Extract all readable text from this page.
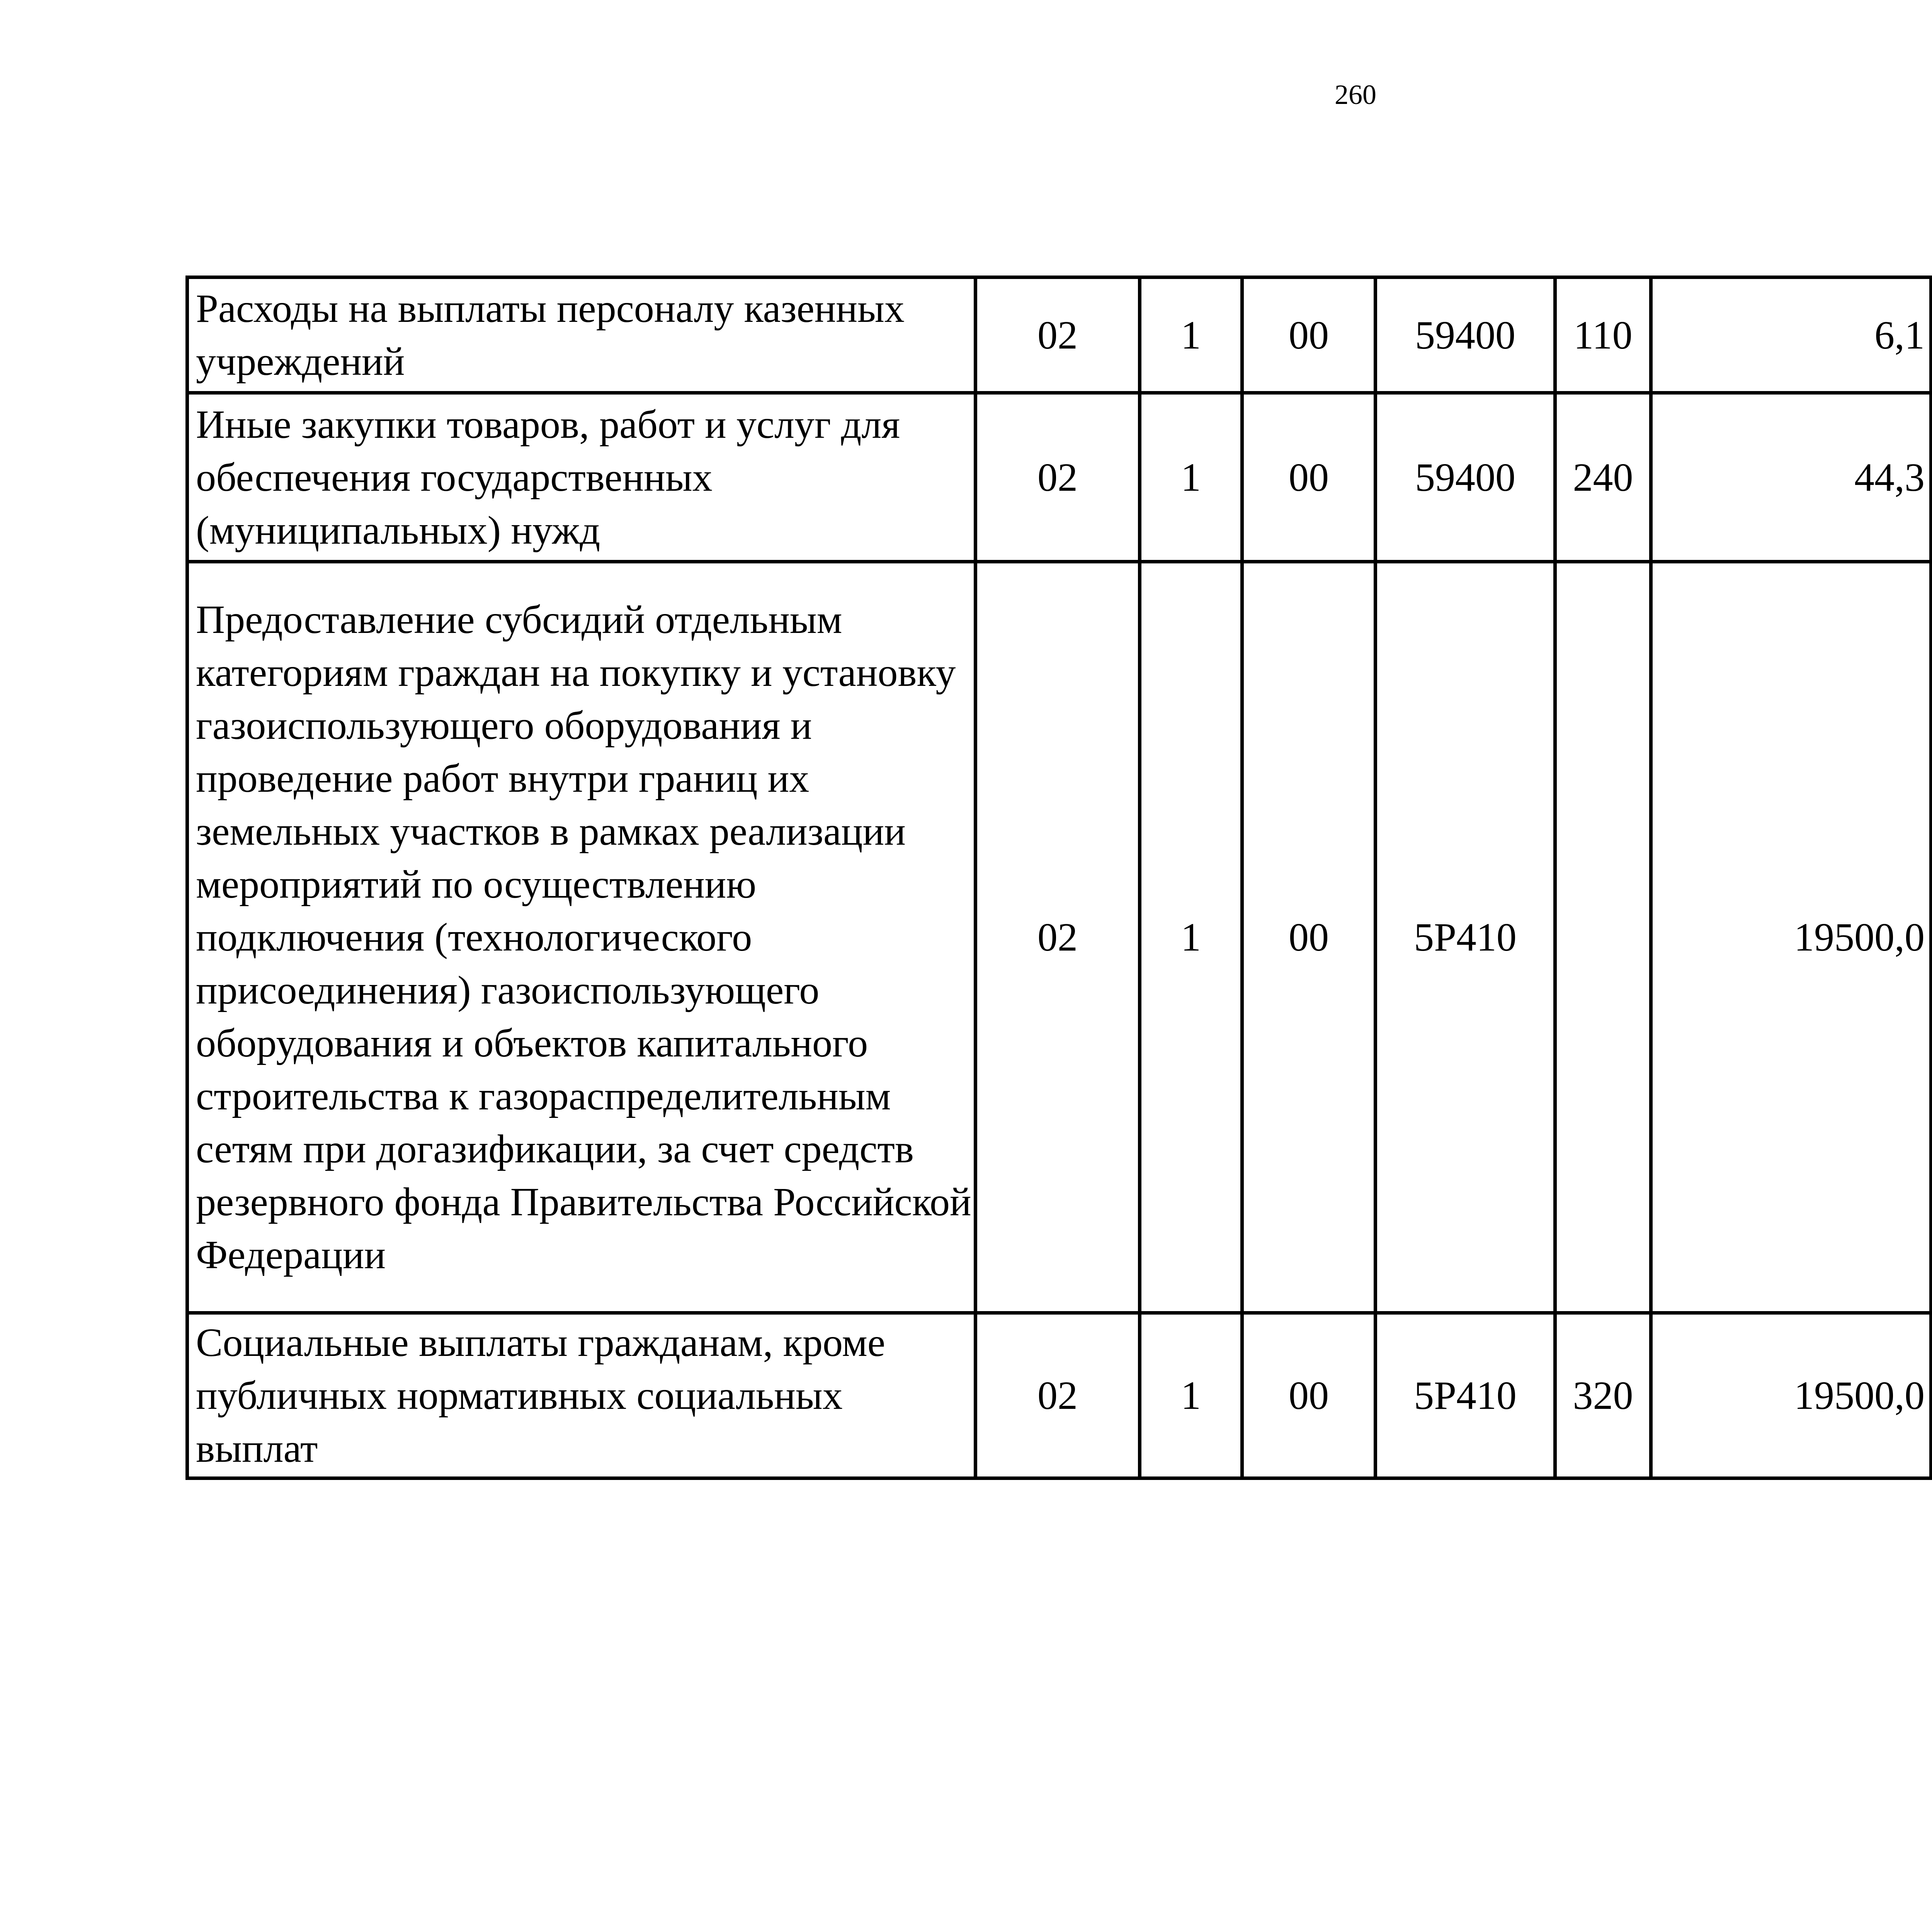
260
Расходы на выплаты персоналу казенных учреждений	02	1	00	59400	110	6,1		
Иные закупки товаров, работ и услуг для обеспечения государственных (муниципальных) нужд	02	1	00	59400	240	44,3		
Предоставление субсидий отдельным категориям граждан на покупку и установку газоиспользующего оборудования и проведение работ внутри границ их земельных участков в рамках реализации мероприятий по осуществлению подключения (технологического присоединения) газоиспользующего оборудования и объектов капитального строительства к газораспределительным сетям при догазификации, за счет средств резервного фонда Правительства Российской Федерации	02	1	00	5Р410		19500,0		
Социальные выплаты гражданам, кроме публичных нормативных социальных выплат	02	1	00	5Р410	320	19500,0		
